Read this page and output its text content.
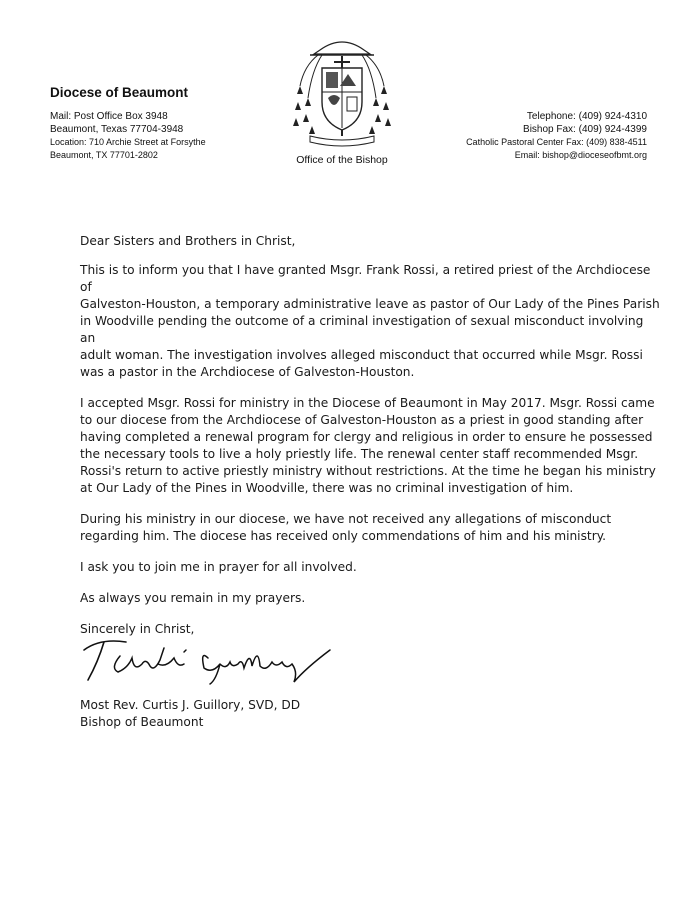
Diocese of Beaumont
Mail: Post Office Box 3948
Beaumont, Texas 77704-3948
Location: 710 Archie Street at Forsythe
Beaumont, TX 77701-2802	Office of the Bishop
Telephone: (409) 924-4310
Bishop Fax: (409) 924-4399
Catholic Pastoral Center Fax: (409) 838-4511
Email: bishop@dioceseofbmt.org

Dear Sisters and Brothers in Christ,

This is to inform you that I have granted Msgr. Frank Rossi, a retired priest of the Archdiocese of
Galveston-Houston, a temporary administrative leave as pastor of Our Lady of the Pines Parish
in Woodville pending the outcome of a criminal investigation of sexual misconduct involving an
adult woman. The investigation involves alleged misconduct that occurred while Msgr. Rossi
was a pastor in the Archdiocese of Galveston-Houston.

I accepted Msgr. Rossi for ministry in the Diocese of Beaumont in May 2017. Msgr. Rossi came
to our diocese from the Archdiocese of Galveston-Houston as a priest in good standing after
having completed a renewal program for clergy and religious in order to ensure he possessed
the necessary tools to live a holy priestly life. The renewal center staff recommended Msgr.
Rossi's return to active priestly ministry without restrictions. At the time he began his ministry
at Our Lady of the Pines in Woodville, there was no criminal investigation of him.

During his ministry in our diocese, we have not received any allegations of misconduct
regarding him. The diocese has received only commendations of him and his ministry.

I ask you to join me in prayer for all involved.

As always you remain in my prayers.

Sincerely in Christ,

Most Rev. Curtis J. Guillory, SVD, DD
Bishop of Beaumont
